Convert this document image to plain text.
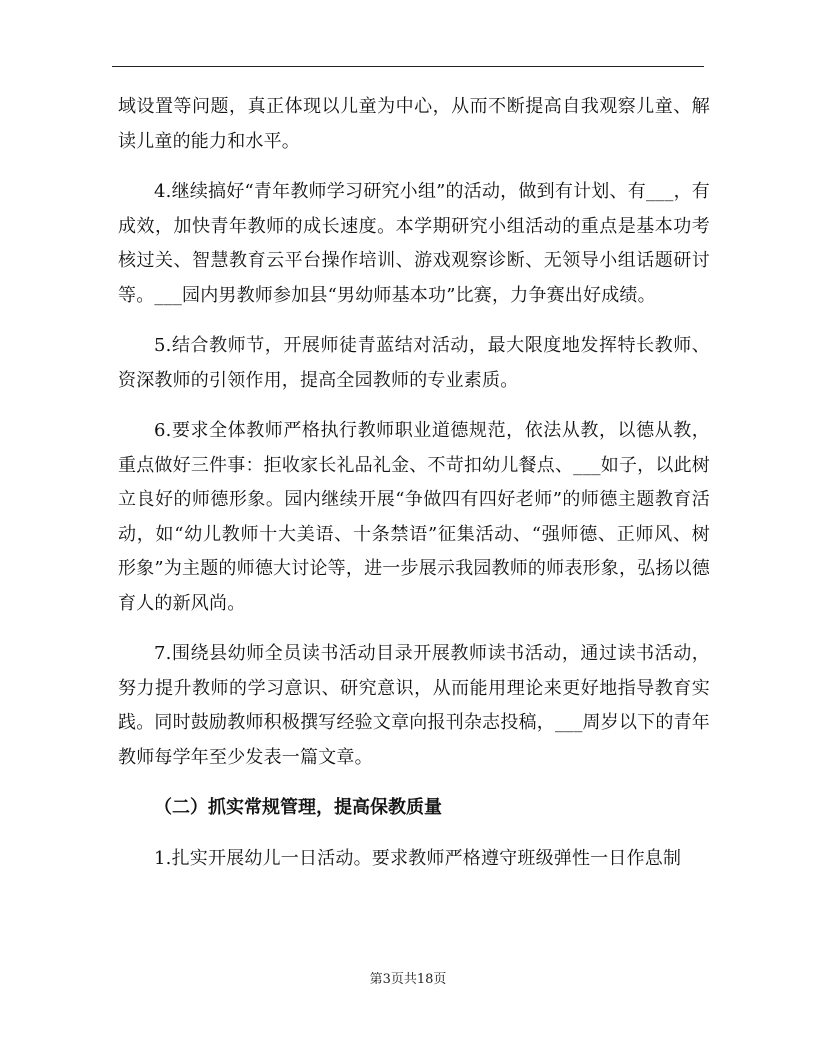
域设置等问题，真正体现以儿童为中心，从而不断提高自我观察儿童、解读儿童的能力和水平。

4.继续搞好“青年教师学习研究小组”的活动，做到有计划、有___，有成效，加快青年教师的成长速度。本学期研究小组活动的重点是基本功考核过关、智慧教育云平台操作培训、游戏观察诊断、无领导小组话题研讨等。___园内男教师参加县“男幼师基本功”比赛，力争赛出好成绩。

5.结合教师节，开展师徒青蓝结对活动，最大限度地发挥特长教师、资深教师的引领作用，提高全园教师的专业素质。

6.要求全体教师严格执行教师职业道德规范，依法从教，以德从教，重点做好三件事：拒收家长礼品礼金、不苛扣幼儿餐点、___如子，以此树立良好的师德形象。园内继续开展“争做四有四好老师”的师德主题教育活动，如“幼儿教师十大美语、十条禁语”征集活动、“强师德、正师风、树形象”为主题的师德大讨论等，进一步展示我园教师的师表形象，弘扬以德育人的新风尚。

7.围绕县幼师全员读书活动目录开展教师读书活动，通过读书活动，努力提升教师的学习意识、研究意识，从而能用理论来更好地指导教育实践。同时鼓励教师积极撰写经验文章向报刊杂志投稿，___周岁以下的青年教师每学年至少发表一篇文章。

（二）抓实常规管理，提高保教质量

1.扎实开展幼儿一日活动。要求教师严格遵守班级弹性一日作息制

第3页共18页
